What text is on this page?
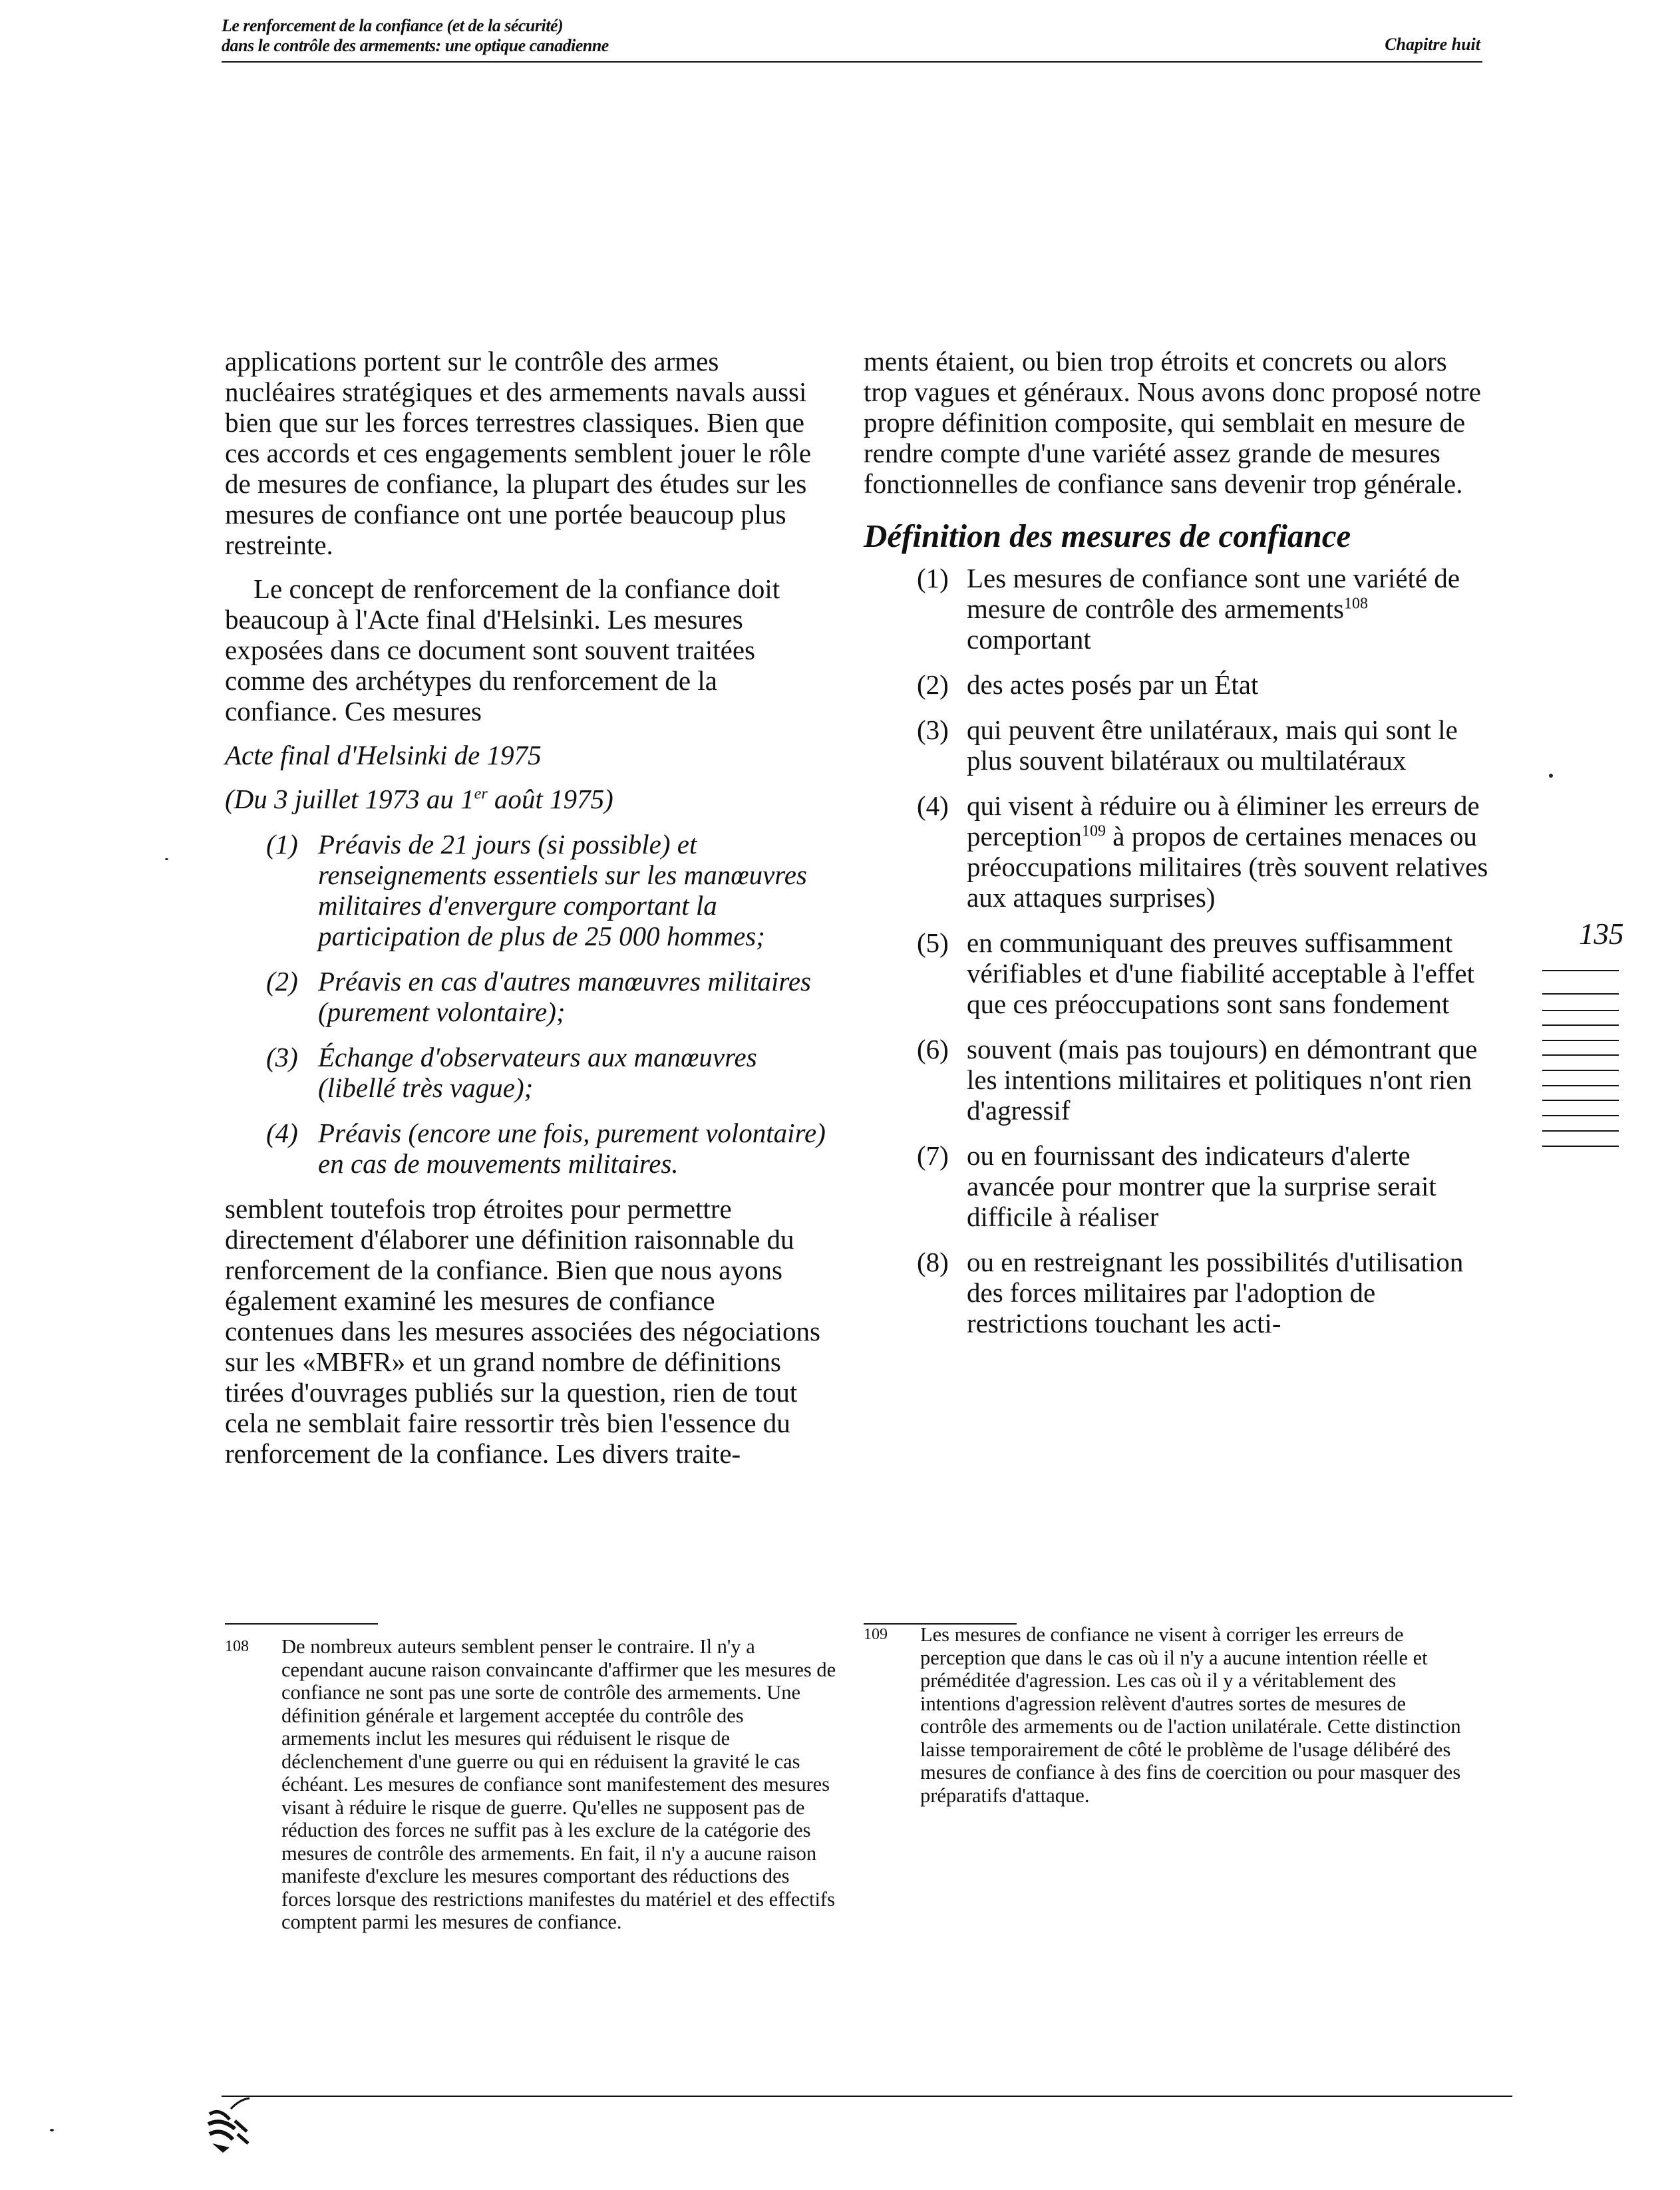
Le renforcement de la confiance (et de la sécurité)
dans le contrôle des armements: une optique canadienne	Chapitre huit

applications portent sur le contrôle des armes nucléaires stratégiques et des armements navals aussi bien que sur les forces terrestres classiques. Bien que ces accords et ces engagements semblent jouer le rôle de mesures de confiance, la plupart des études sur les mesures de confiance ont une portée beaucoup plus restreinte.

Le concept de renforcement de la confiance doit beaucoup à l'Acte final d'Helsinki. Les mesures exposées dans ce document sont souvent traitées comme des archétypes du renforcement de la confiance. Ces mesures

Acte final d'Helsinki de 1975

(Du 3 juillet 1973 au 1er août 1975)

(1) Préavis de 21 jours (si possible) et renseignements essentiels sur les manœuvres militaires d'envergure comportant la participation de plus de 25 000 hommes;
(2) Préavis en cas d'autres manœuvres militaires (purement volontaire);
(3) Échange d'observateurs aux manœuvres (libellé très vague);
(4) Préavis (encore une fois, purement volontaire) en cas de mouvements militaires.

semblent toutefois trop étroites pour permettre directement d'élaborer une définition raisonnable du renforcement de la confiance. Bien que nous ayons également examiné les mesures de confiance contenues dans les mesures associées des négociations sur les «MBFR» et un grand nombre de définitions tirées d'ouvrages publiés sur la question, rien de tout cela ne semblait faire ressortir très bien l'essence du renforcement de la confiance. Les divers traite-

ments étaient, ou bien trop étroits et concrets ou alors trop vagues et généraux. Nous avons donc proposé notre propre définition composite, qui semblait en mesure de rendre compte d'une variété assez grande de mesures fonctionnelles de confiance sans devenir trop générale.

Définition des mesures de confiance
(1) Les mesures de confiance sont une variété de mesure de contrôle des armements$^{108}$ comportant
(2) des actes posés par un État
(3) qui peuvent être unilatéraux, mais qui sont le plus souvent bilatéraux ou multilatéraux
(4) qui visent à réduire ou à éliminer les erreurs de perception$^{109}$ à propos de certaines menaces ou préoccupations militaires (très souvent relatives aux attaques surprises)
(5) en communiquant des preuves suffisamment vérifiables et d'une fiabilité acceptable à l'effet que ces préoccupations sont sans fondement
(6) souvent (mais pas toujours) en démontrant que les intentions militaires et politiques n'ont rien d'agressif
(7) ou en fournissant des indicateurs d'alerte avancée pour montrer que la surprise serait difficile à réaliser
(8) ou en restreignant les possibilités d'utilisation des forces militaires par l'adoption de restrictions touchant les acti-
135
108 De nombreux auteurs semblent penser le contraire. Il n'y a cependant aucune raison convaincante d'affirmer que les mesures de confiance ne sont pas une sorte de contrôle des armements. Une définition générale et largement acceptée du contrôle des armements inclut les mesures qui réduisent le risque de déclenchement d'une guerre ou qui en réduisent la gravité le cas échéant. Les mesures de confiance sont manifestement des mesures visant à réduire le risque de guerre. Qu'elles ne supposent pas de réduction des forces ne suffit pas à les exclure de la catégorie des mesures de contrôle des armements. En fait, il n'y a aucune raison manifeste d'exclure les mesures comportant des réductions des forces lorsque des restrictions manifestes du matériel et des effectifs comptent parmi les mesures de confiance.
109 Les mesures de confiance ne visent à corriger les erreurs de perception que dans le cas où il n'y a aucune intention réelle et préméditée d'agression. Les cas où il y a véritablement des intentions d'agression relèvent d'autres sortes de mesures de contrôle des armements ou de l'action unilatérale. Cette distinction laisse temporairement de côté le problème de l'usage délibéré des mesures de confiance à des fins de coercition ou pour masquer des préparatifs d'attaque.
